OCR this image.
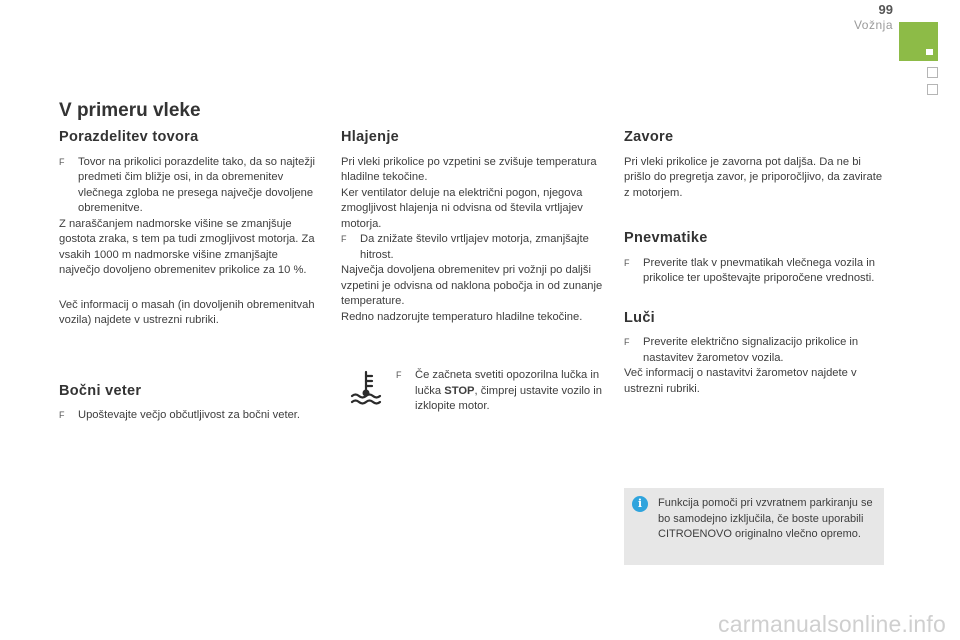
99
Vožnja
V primeru vleke
Porazdelitev tovora
F Tovor na prikolici porazdelite tako, da so najtežji predmeti čim bližje osi, in da obremenitev vlečnega zgloba ne presega največje dovoljene obremenitve.

Z naraščanjem nadmorske višine se zmanjšuje gostota zraka, s tem pa tudi zmogljivost motorja. Za vsakih 1000 m nadmorske višine zmanjšajte največjo dovoljeno obremenitev prikolice za 10 %.

Več informacij o masah (in dovoljenih obremenitvah vozila) najdete v ustrezni rubriki.

Bočni veter
F Upoštevajte večjo občutljivost za bočni veter.
Hlajenje

Pri vleki prikolice po vzpetini se zvišuje temperatura hladilne tekočine.

Ker ventilator deluje na električni pogon, njegova zmogljivost hlajenja ni odvisna od števila vrtljajev motorja.

F Da znižate število vrtljajev motorja, zmanjšajte hitrost.

Največja dovoljena obremenitev pri vožnji po daljši vzpetini je odvisna od naklona pobočja in od zunanje temperature.

Redno nadzorujte temperaturo hladilne tekočine.

F Če začneta svetiti opozorilna lučka in lučka STOP, čimprej ustavite vozilo in izklopite motor.
Zavore

Pri vleki prikolice je zavorna pot daljša. Da ne bi prišlo do pregretja zavor, je priporočljivo, da zavirate z motorjem.

Pnevmatike
F Preverite tlak v pnevmatikah vlečnega vozila in prikolice ter upoštevajte priporočene vrednosti.
Luči
F Preverite električno signalizacijo prikolice in nastavitev žarometov vozila.

Več informacij o nastavitvi žarometov najdete v ustrezni rubriki.

i	Funkcija pomoči pri vzvratnem parkiranju se bo samodejno izključila, če boste uporabili CITROENOVO originalno vlečno opremo.
carmanualsonline.info
